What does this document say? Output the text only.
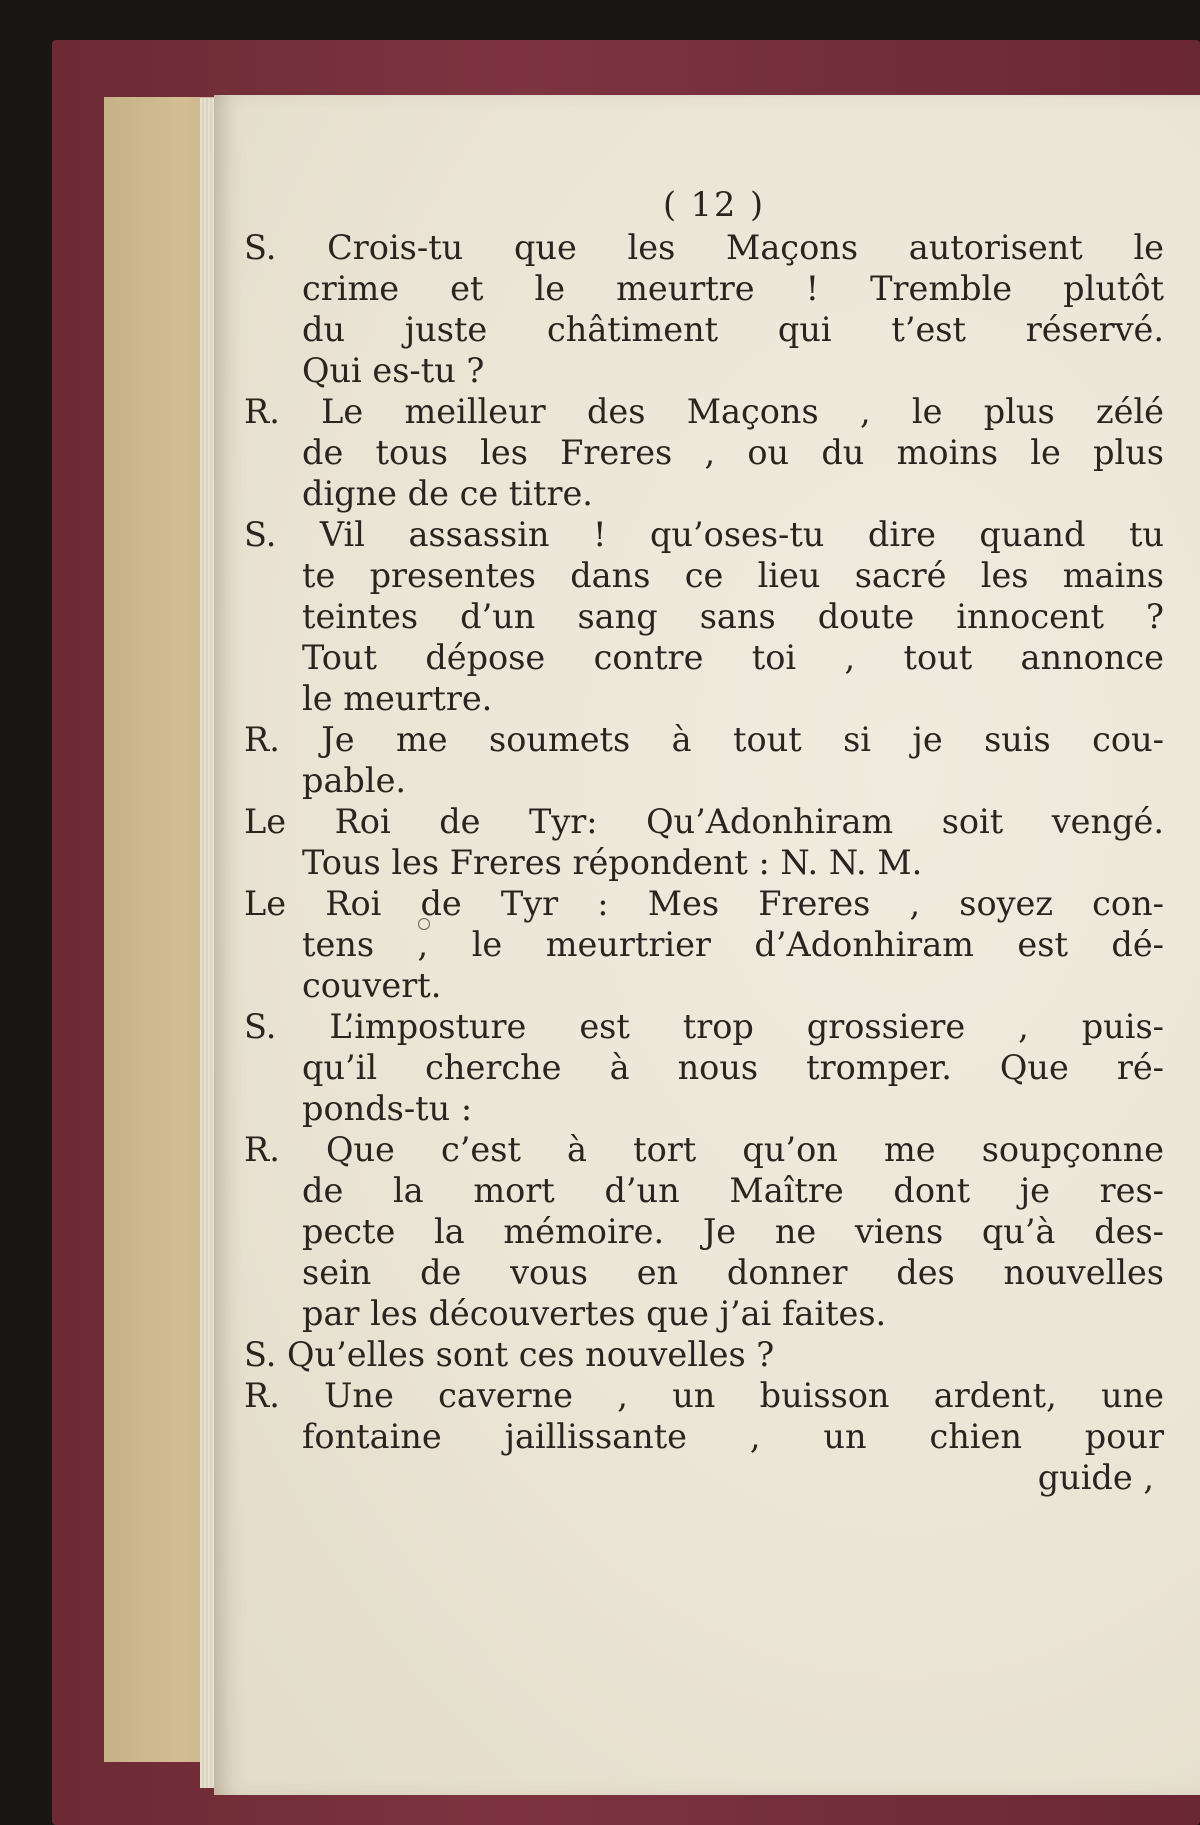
( 12 )
S. Crois-tu que les Maçons autorisent le
crime et le meurtre ! Tremble plutôt
du juste châtiment qui t’est réservé.
Qui es-tu ?
R. Le meilleur des Maçons , le plus zélé
de tous les Freres , ou du moins le plus
digne de ce titre.
S. Vil assassin ! qu’oses-tu dire quand tu
te presentes dans ce lieu sacré les mains
teintes d’un sang sans doute innocent ?
Tout dépose contre toi , tout annonce
le meurtre.
R. Je me soumets à tout si je suis cou-
pable.
Le Roi de Tyr: Qu’Adonhiram soit vengé.
Tous les Freres répondent : N. N. M.
Le Roi de Tyr : Mes Freres , soyez con-
tens , le meurtrier d’Adonhiram est dé-
couvert.
S. L’imposture est trop grossiere , puis-
qu’il cherche à nous tromper. Que ré-
ponds-tu :
R. Que c’est à tort qu’on me soupçonne
de la mort d’un Maître dont je res-
pecte la mémoire. Je ne viens qu’à des-
sein de vous en donner des nouvelles
par les découvertes que j’ai faites.
S. Qu’elles sont ces nouvelles ?
R. Une caverne , un buisson ardent, une
fontaine jaillissante , un chien pour
guide ,
